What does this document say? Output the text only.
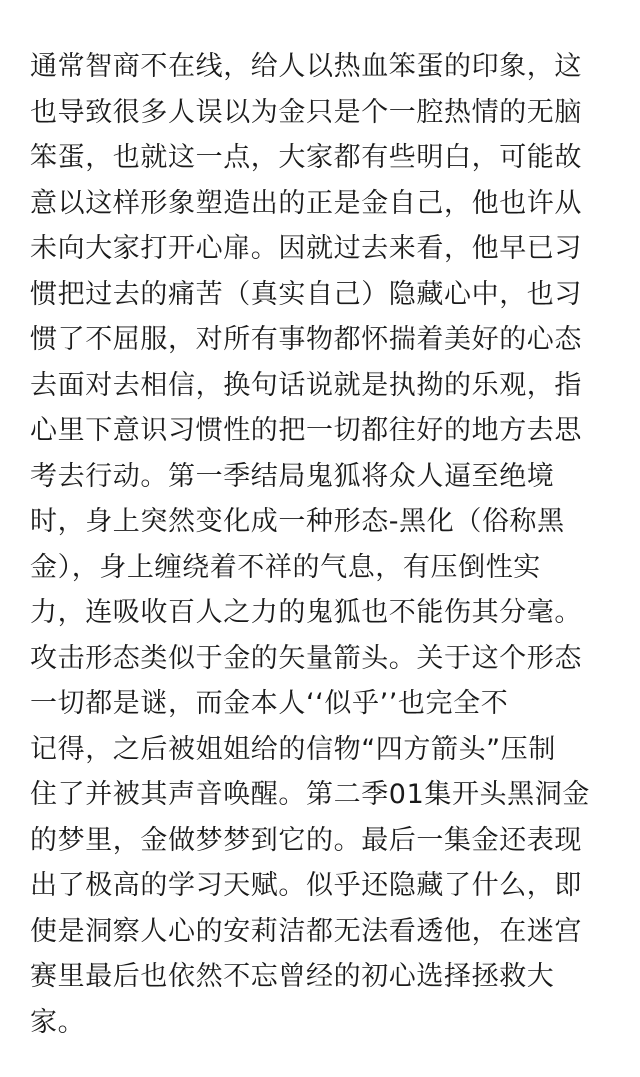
通常智商不在线，给人以热血笨蛋的印象，这
也导致很多人误以为金只是个一腔热情的无脑
笨蛋，也就这一点，大家都有些明白，可能故
意以这样形象塑造出的正是金自己，他也许从
未向大家打开心扉。因就过去来看，他早已习
惯把过去的痛苦（真实自己）隐藏心中，也习
惯了不屈服，对所有事物都怀揣着美好的心态
去面对去相信，换句话说就是执拗的乐观，指
心里下意识习惯性的把一切都往好的地方去思
考去行动。第一季结局鬼狐将众人逼至绝境
时，身上突然变化成一种形态-黑化（俗称黑
金），身上缠绕着不祥的气息，有压倒性实
力，连吸收百人之力的鬼狐也不能伤其分毫。
攻击形态类似于金的矢量箭头。关于这个形态
一切都是谜，而金本人‘‘似乎’’也完全不
记得，之后被姐姐给的信物“四方箭头”压制
住了并被其声音唤醒。第二季01集开头黑洞金
的梦里，金做梦梦到它的。最后一集金还表现
出了极高的学习天赋。似乎还隐藏了什么，即
使是洞察人心的安莉洁都无法看透他，在迷宫
赛里最后也依然不忘曾经的初心选择拯救大
家。
